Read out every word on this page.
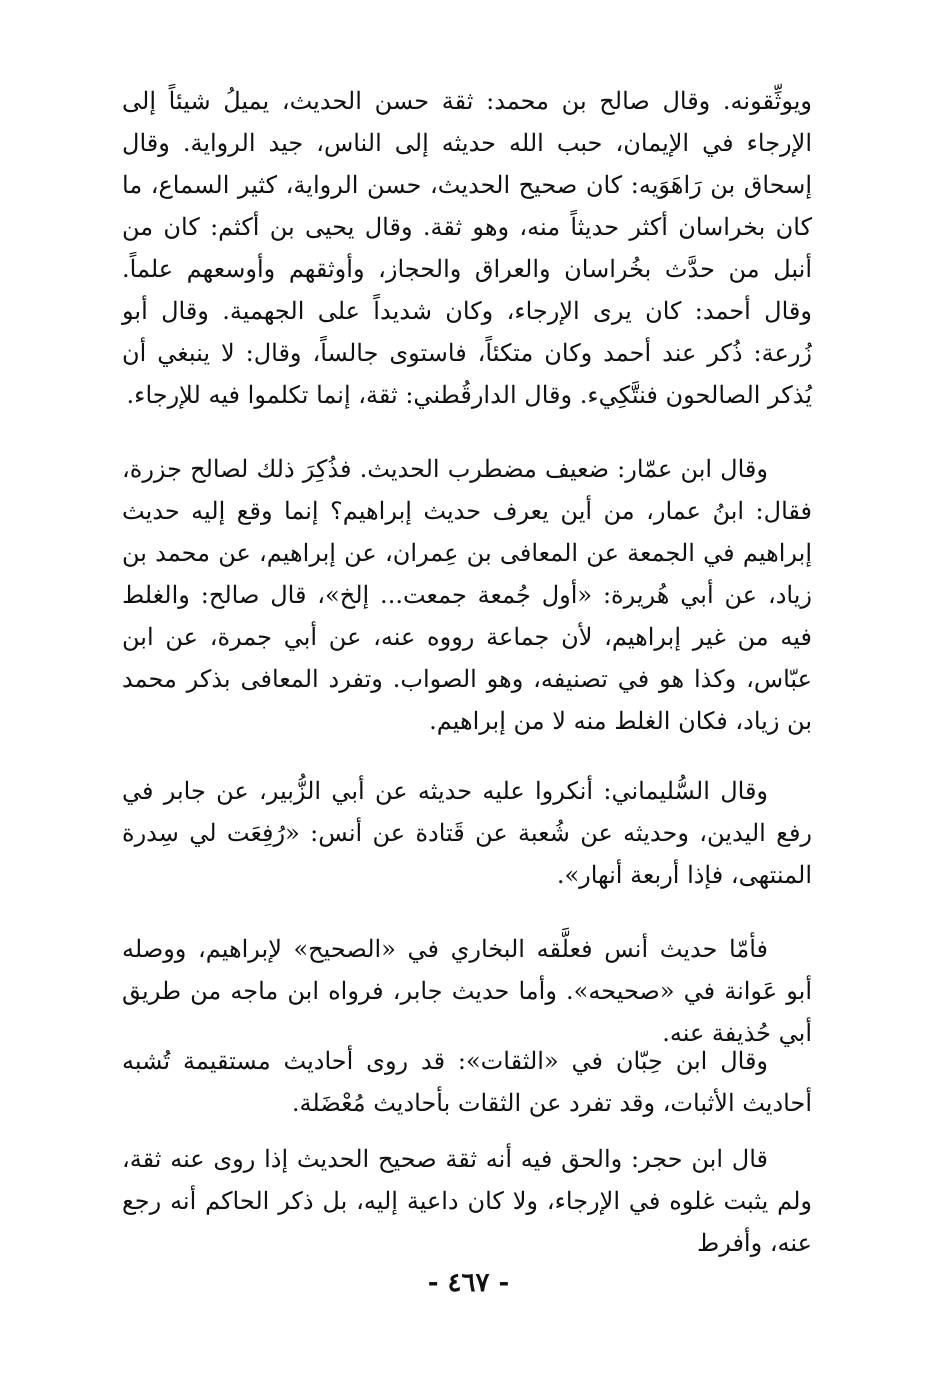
ويوثِّقونه. وقال صالح بن محمد: ثقة حسن الحديث، يميلُ شيئاً إلى الإرجاء في الإيمان، حبب الله حديثه إلى الناس، جيد الرواية. وقال إسحاق بن رَاهَوَيه: كان صحيح الحديث، حسن الرواية، كثير السماع، ما كان بخراسان أكثر حديثاً منه، وهو ثقة. وقال يحيى بن أكثم: كان من أنبل من حدَّث بخُراسان والعراق والحجاز، وأوثقهم وأوسعهم علماً. وقال أحمد: كان يرى الإرجاء، وكان شديداً على الجهمية. وقال أبو زُرعة: ذُكر عند أحمد وكان متكئاً، فاستوى جالساً، وقال: لا ينبغي أن يُذكر الصالحون فنتَّكِيء. وقال الدارقُطني: ثقة، إنما تكلموا فيه للإرجاء.

وقال ابن عمّار: ضعيف مضطرب الحديث. فذُكِرَ ذلك لصالح جزرة، فقال: ابنُ عمار، من أين يعرف حديث إبراهيم؟ إنما وقع إليه حديث إبراهيم في الجمعة عن المعافى بن عِمران، عن إبراهيم، عن محمد بن زياد، عن أبي هُريرة: «أول جُمعة جمعت... إلخ»، قال صالح: والغلط فيه من غير إبراهيم، لأن جماعة رووه عنه، عن أبي جمرة، عن ابن عبّاس، وكذا هو في تصنيفه، وهو الصواب. وتفرد المعافى بذكر محمد بن زياد، فكان الغلط منه لا من إبراهيم.

وقال السُّليماني: أنكروا عليه حديثه عن أبي الزُّبير، عن جابر في رفع اليدين، وحديثه عن شُعبة عن قَتادة عن أنس: «رُفِعَت لي سِدرة المنتهى، فإذا أربعة أنهار».

فأمّا حديث أنس فعلَّقه البخاري في «الصحيح» لإبراهيم، ووصله أبو عَوانة في «صحيحه». وأما حديث جابر، فرواه ابن ماجه من طريق أبي حُذيفة عنه.

وقال ابن حِبّان في «الثقات»: قد روى أحاديث مستقيمة تُشبه أحاديث الأثبات، وقد تفرد عن الثقات بأحاديث مُعْضَلة.

قال ابن حجر: والحق فيه أنه ثقة صحيح الحديث إذا روى عنه ثقة، ولم يثبت غلوه في الإرجاء، ولا كان داعية إليه، بل ذكر الحاكم أنه رجع عنه، وأفرط

- ٤٦٧ -
